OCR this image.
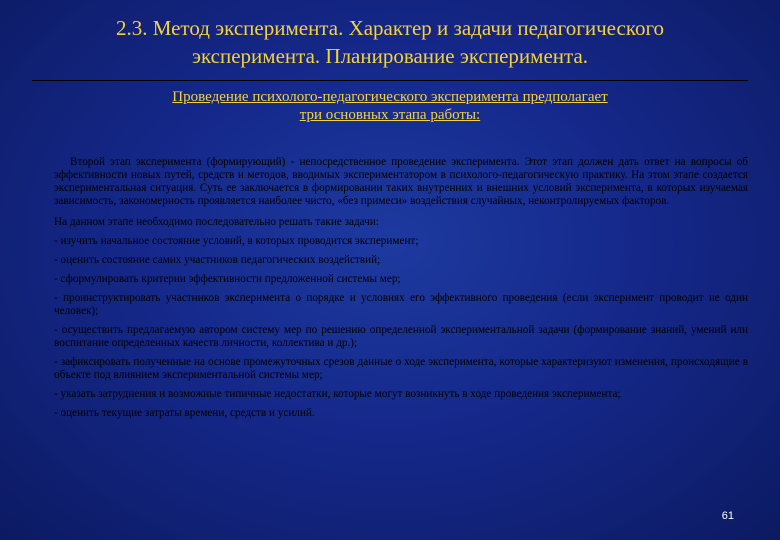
2.3. Метод эксперимента. Характер и задачи педагогического
эксперимента. Планирование эксперимента.
Проведение психолого-педагогического эксперимента предполагает
три основных этапа работы:

Второй этап эксперимента (формирующий) - непосредственное проведение эксперимента. Этот этап должен дать ответ на вопросы об эффективности новых путей, средств и методов, вводимых экспериментатором в психолого-педагогическую практику. На этом этапе создается экспериментальная ситуация. Суть ее заключается в формировании таких внутренних и внешних условий эксперимента, в которых изучаемая зависимость, закономерность проявляется наиболее чисто, «без примеси» воздействия случайных, неконтролируемых факторов.

На данном этапе необходимо последовательно решать такие задачи:

- изучить начальное состояние условий, в которых проводится эксперимент;

- оценить состояние самих участников педагогических воздействий;

- сформулировать критерии эффективности предложенной системы мер;

- проинструктировать участников эксперимента о порядке и условиях его эффективного проведения (если эксперимент проводит не один человек);

- осуществить предлагаемую автором систему мер по решению определенной экспериментальной задачи (формирование знаний, умений или воспитание определенных качеств личности, коллектива и др.);

- зафиксировать полученные на основе промежуточных срезов данные о ходе эксперимента, которые характеризуют изменения, происходящие в объекте под влиянием экспериментальной системы мер;

- указать затруднения и возможные типичные недостатки, которые могут возникнуть в ходе проведения эксперимента;

- оценить текущие затраты времени, средств и усилий.

61
